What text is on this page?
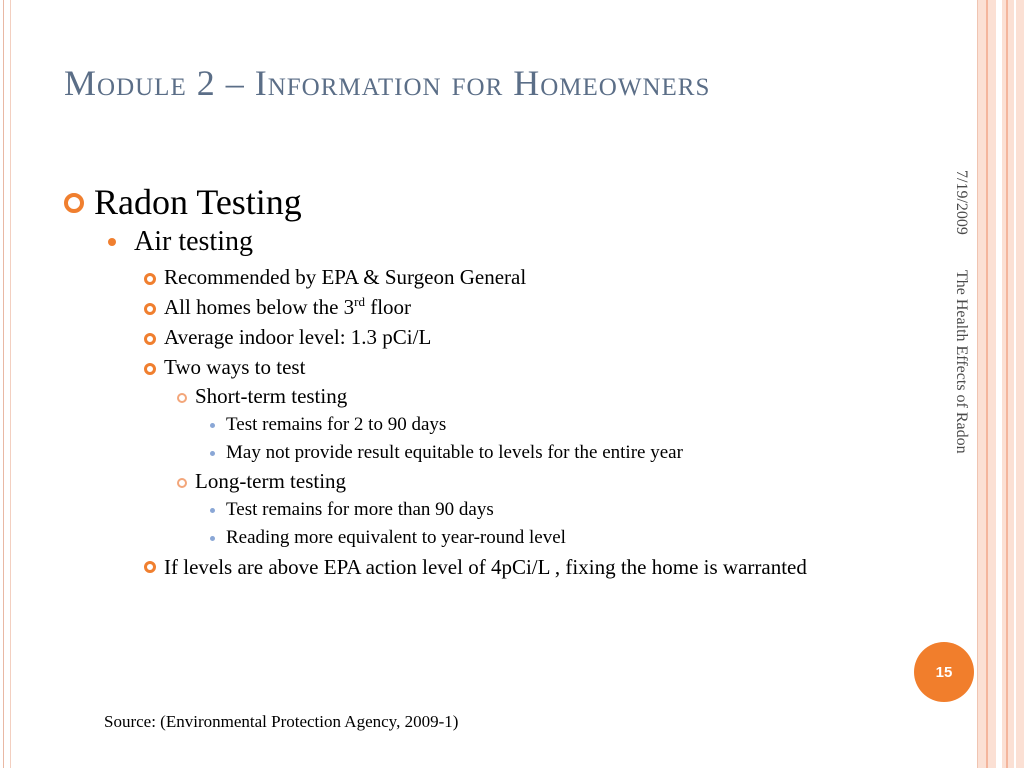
Module 2 – Information for Homeowners
Radon Testing
Air testing
Recommended by EPA & Surgeon General
All homes below the 3rd floor
Average indoor level: 1.3 pCi/L
Two ways to test
Short-term testing
Test remains for 2 to 90 days
May not provide result equitable to levels for the entire year
Long-term testing
Test remains for more than 90 days
Reading more equivalent to year-round level
If levels are above EPA action level of 4pCi/L , fixing the home is warranted
7/19/2009
The Health Effects of Radon
15
Source: (Environmental Protection Agency, 2009-1)
